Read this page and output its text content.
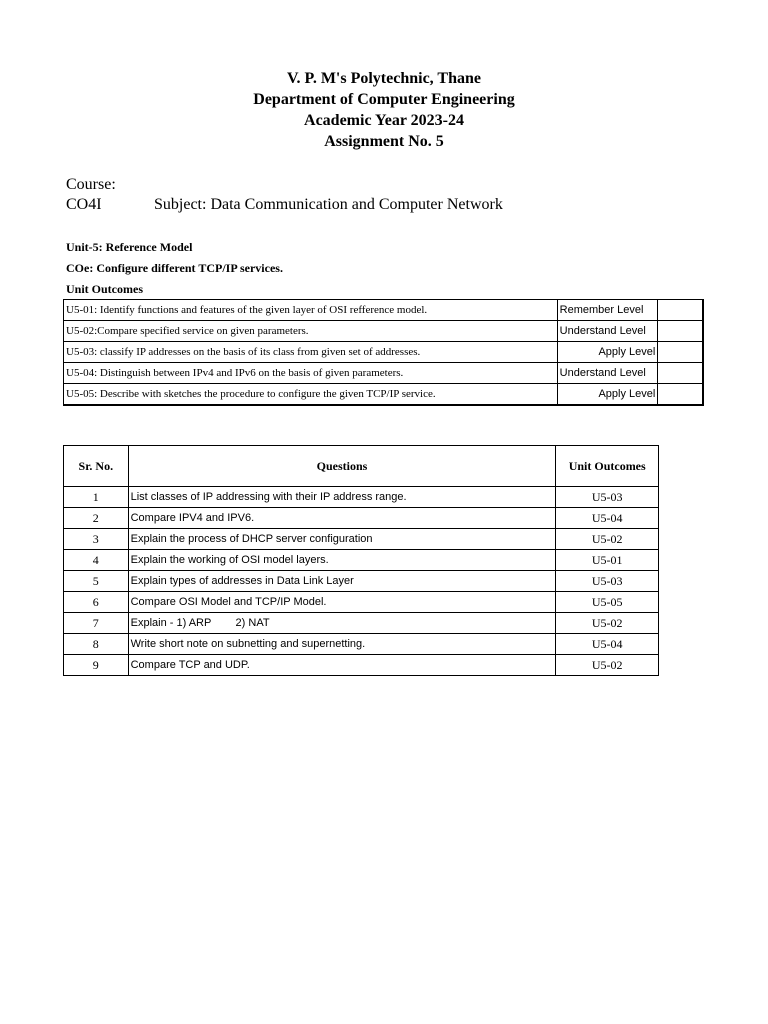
V. P. M's Polytechnic, Thane
Department of Computer Engineering
Academic Year 2023-24
Assignment No. 5
Course:
CO4I	Subject: Data Communication and Computer Network
Unit-5: Reference Model
COe: Configure different TCP/IP services.
Unit Outcomes
U5-01: Identify functions and features of the given layer of OSI refference model.	Remember Level	
U5-02:Compare specified service on given parameters.	Understand Level	
U5-03: classify IP addresses on the basis of its class from given set of addresses.	Apply Level	
U5-04: Distinguish between IPv4 and IPv6 on the basis of given parameters.	Understand Level	
U5-05: Describe with sketches the procedure to configure the given TCP/IP service.	Apply Level	
Sr. No.	Questions	Unit Outcomes
1	List classes of IP addressing with their IP address range.	U5-03
2	Compare IPV4 and IPV6.	U5-04
3	Explain the process of DHCP server configuration	U5-02
4	Explain the working of OSI model layers.	U5-01
5	Explain types of addresses in Data Link Layer	U5-03
6	Compare OSI Model and TCP/IP Model.	U5-05
7	Explain - 1) ARP        2) NAT	U5-02
8	Write short note on subnetting and supernetting.	U5-04
9	Compare TCP and UDP.	U5-02
